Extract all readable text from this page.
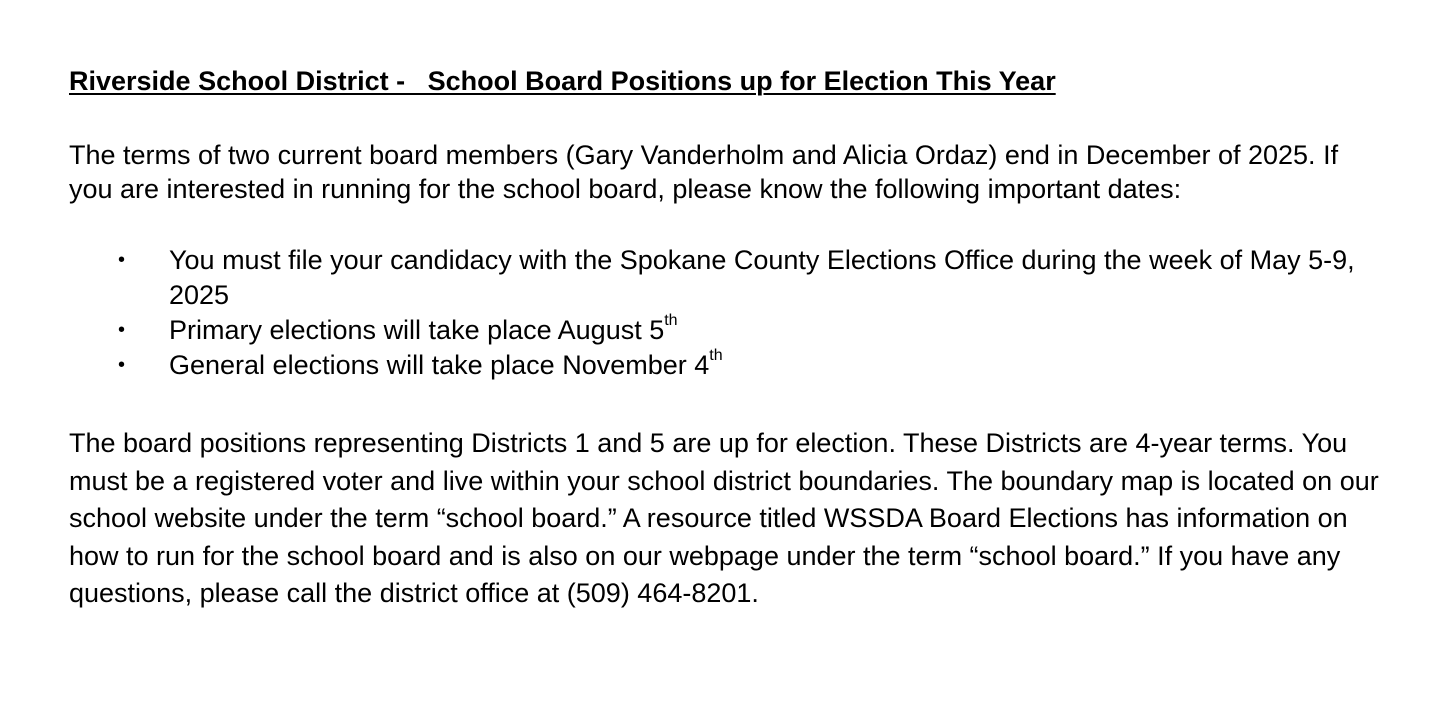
Riverside School District -   School Board Positions up for Election This Year

The terms of two current board members (Gary Vanderholm and Alicia Ordaz) end in December of 2025. If you are interested in running for the school board, please know the following important dates:

• You must file your candidacy with the Spokane County Elections Office during the week of May 5-9, 2025
• Primary elections will take place August 5th
• General elections will take place November 4th

The board positions representing Districts 1 and 5 are up for election. These Districts are 4-year terms. You must be a registered voter and live within your school district boundaries. The boundary map is located on our school website under the term “school board.” A resource titled WSSDA Board Elections has information on how to run for the school board and is also on our webpage under the term “school board.” If you have any questions, please call the district office at (509) 464-8201.
